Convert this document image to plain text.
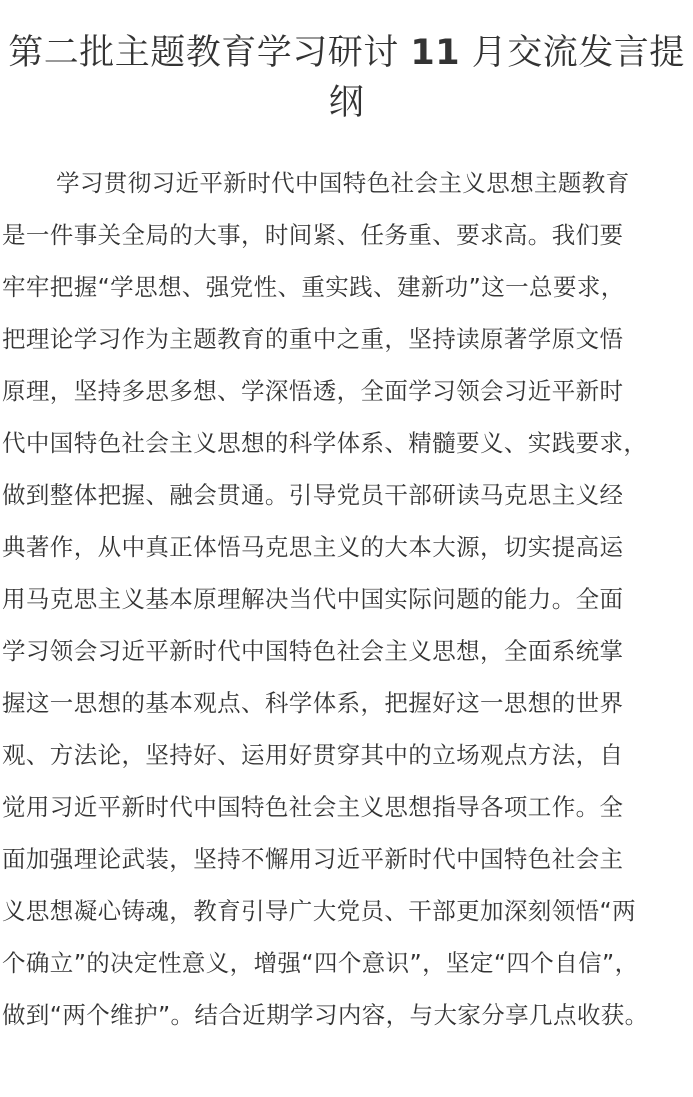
第二批主题教育学习研讨 11 月交流发言提
纲
学习贯彻习近平新时代中国特色社会主义思想主题教育
是一件事关全局的大事，时间紧、任务重、要求高。我们要
牢牢把握“学思想、强党性、重实践、建新功”这一总要求，
把理论学习作为主题教育的重中之重，坚持读原著学原文悟
原理，坚持多思多想、学深悟透，全面学习领会习近平新时
代中国特色社会主义思想的科学体系、精髓要义、实践要求，
做到整体把握、融会贯通。引导党员干部研读马克思主义经
典著作，从中真正体悟马克思主义的大本大源，切实提高运
用马克思主义基本原理解决当代中国实际问题的能力。全面
学习领会习近平新时代中国特色社会主义思想，全面系统掌
握这一思想的基本观点、科学体系，把握好这一思想的世界
观、方法论，坚持好、运用好贯穿其中的立场观点方法，自
觉用习近平新时代中国特色社会主义思想指导各项工作。全
面加强理论武装，坚持不懈用习近平新时代中国特色社会主
义思想凝心铸魂，教育引导广大党员、干部更加深刻领悟“两
个确立”的决定性意义，增强“四个意识”，坚定“四个自信”，
做到“两个维护”。结合近期学习内容，与大家分享几点收获。
